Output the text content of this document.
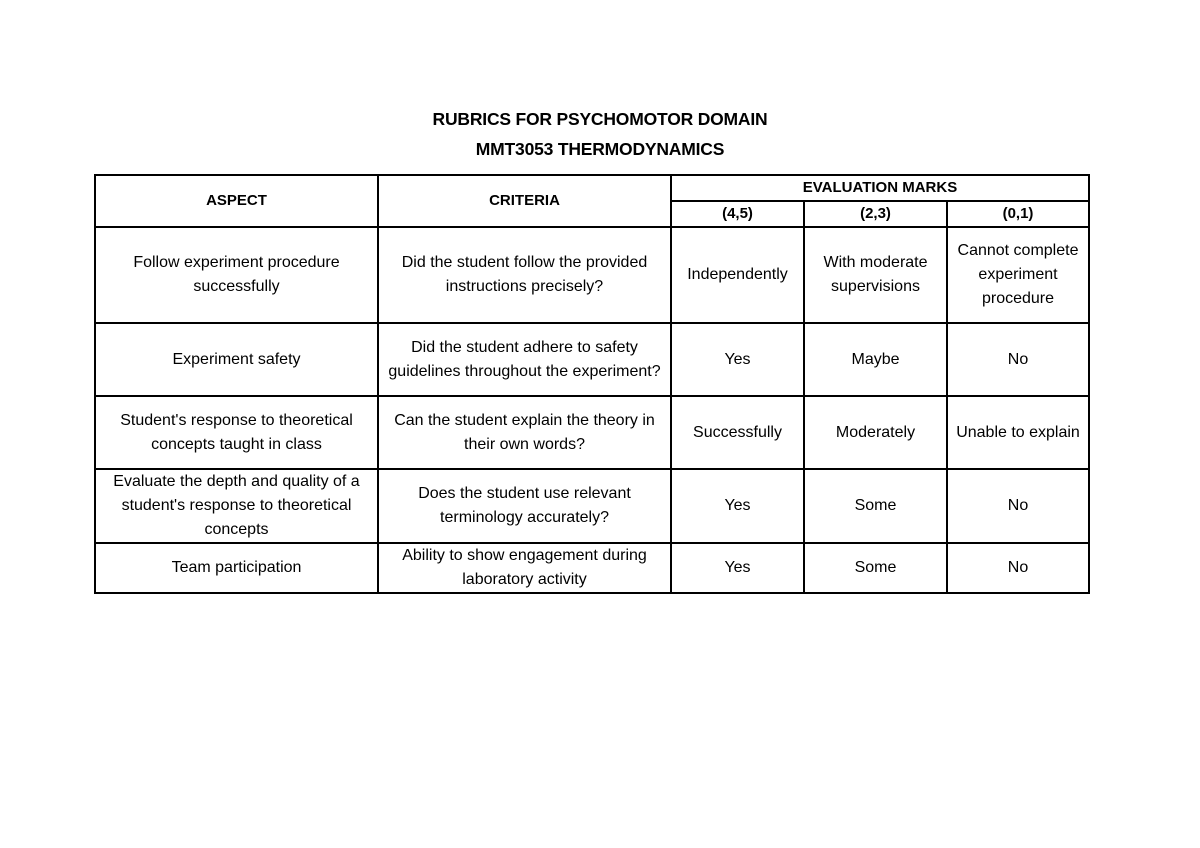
RUBRICS FOR PSYCHOMOTOR DOMAIN
MMT3053 THERMODYNAMICS
ASPECT	CRITERIA	EVALUATION MARKS		
		(4,5)	(2,3)	(0,1)
Follow experiment procedure successfully	Did the student follow the provided instructions precisely?	Independently	With moderate supervisions	Cannot complete experiment procedure
Experiment safety	Did the student adhere to safety guidelines throughout the experiment?	Yes	Maybe	No
Student's response to theoretical concepts taught in class	Can the student explain the theory in their own words?	Successfully	Moderately	Unable to explain
Evaluate the depth and quality of a student's response to theoretical concepts	Does the student use relevant terminology accurately?	Yes	Some	No
Team participation	Ability to show engagement during laboratory activity	Yes	Some	No
